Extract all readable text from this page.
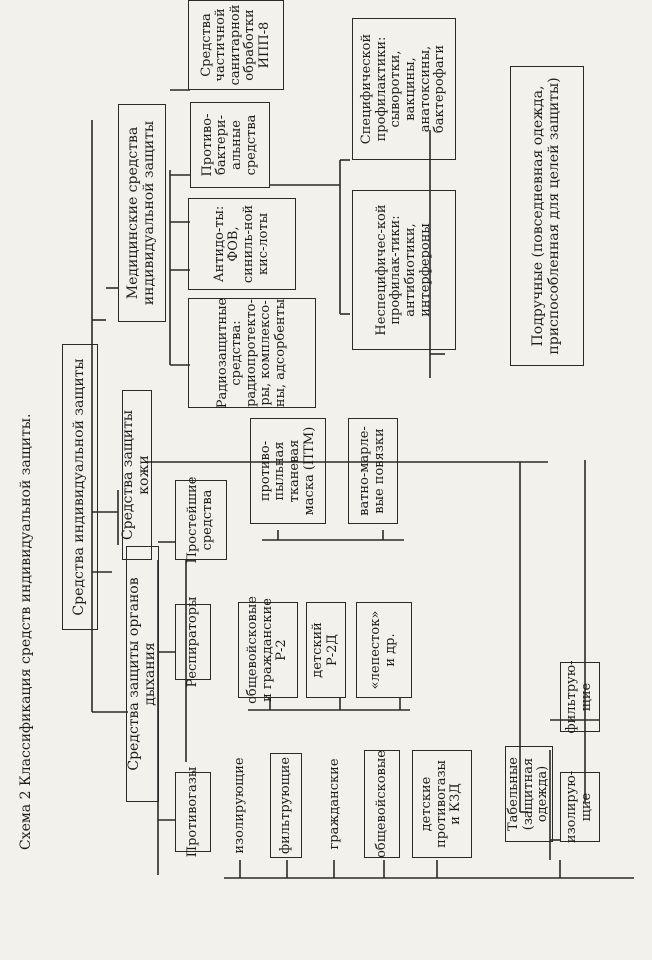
Схема 2 Классификация средств индивидуальной защиты.	Средства индивидуальной защиты
Средства защиты органов дыхания
Противогазы	изолирующие	фильтрующие	гражданские	общевойсковые	детские противогазы и КЗД
Респираторы	общевойсковые и гражданские Р-2	детский Р-2Д	«лепесток» и др.
Простейшие средства
противо-пыльная тканевая маска (ПТМ)	ватно-марле-вые повязки
Средства защиты кожи
Табельные (защитная одежда)	изолирую-щие
фильтрую-щие
Подручные (повседневная одежда, приспособленная для целей защиты)
Медицинские средства индивидуальной защиты
Радиозащитные средства: радиопротекто-ры, комплексо-ны, адсорбенты
Антидо-ты: ФОВ, синиль-ной кис-лоты
Противо-бактери-альные средства
Средства частичной санитарной обработки ИПП-8
Неспецифичес-кой профилак-тики: антибиотики, интерфероны
Специфической профилактики: сыворотки, вакцины, анатоксины, бактерофаги
